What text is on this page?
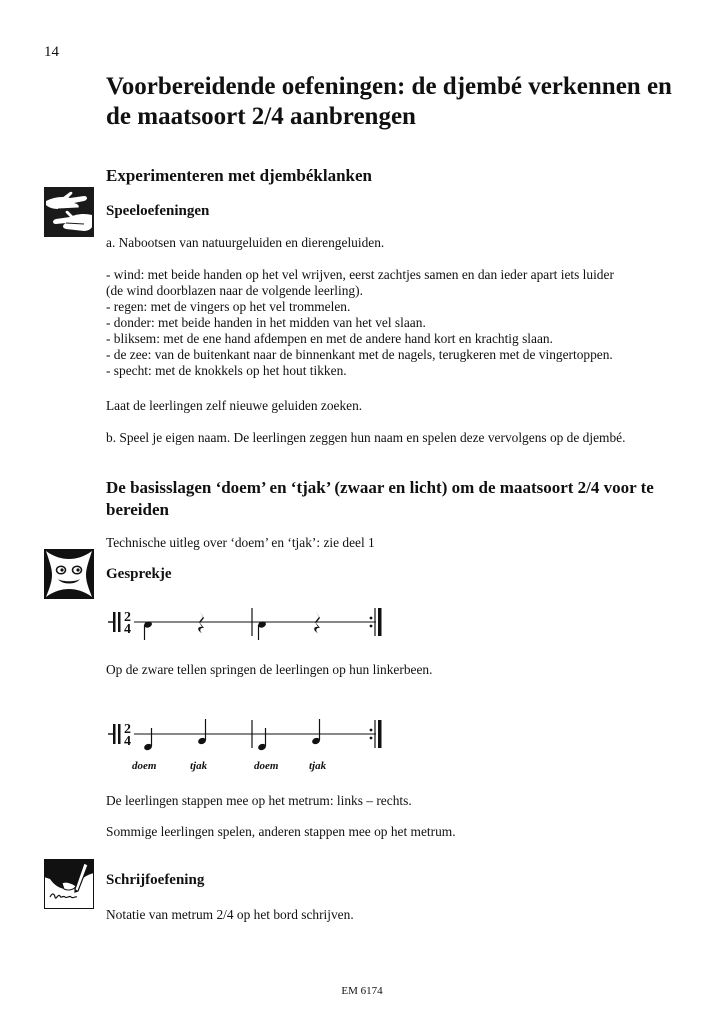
14
Voorbereidende oefeningen: de djembé verkennen en de maatsoort 2/4 aanbrengen
Experimenteren met djembéklanken
Speeloefeningen

a. Nabootsen van natuurgeluiden en dierengeluiden.

- wind: met beide handen op het vel wrijven, eerst zachtjes samen en dan ieder apart iets luider

(de wind doorblazen naar de volgende leerling).

- regen: met de vingers op het vel trommelen.

- donder: met beide handen in het midden van het vel slaan.

- bliksem: met de ene hand afdempen en met de andere hand kort en krachtig slaan.

- de zee: van de buitenkant naar de binnenkant met de nagels, terugkeren met de vingertoppen.

- specht: met de knokkels op het hout tikken.

Laat de leerlingen zelf nieuwe geluiden zoeken.

b. Speel je eigen naam. De leerlingen zeggen hun naam en spelen deze vervolgens op de djembé.

De basisslagen ‘doem’ en ‘tjak’ (zwaar en licht) om de maatsoort 2/4 voor te bereiden

Technische uitleg over ‘doem’ en ‘tjak’: zie deel 1

Gesprekje
2
4

Op de zware tellen springen de leerlingen op hun linkerbeen.

2
4
doem	tjak	doem	tjak

De leerlingen stappen mee op het metrum: links – rechts.

Sommige leerlingen spelen, anderen stappen mee op het metrum.

Schrijfoefening

Notatie van metrum 2/4 op het bord schrijven.

EM 6174
